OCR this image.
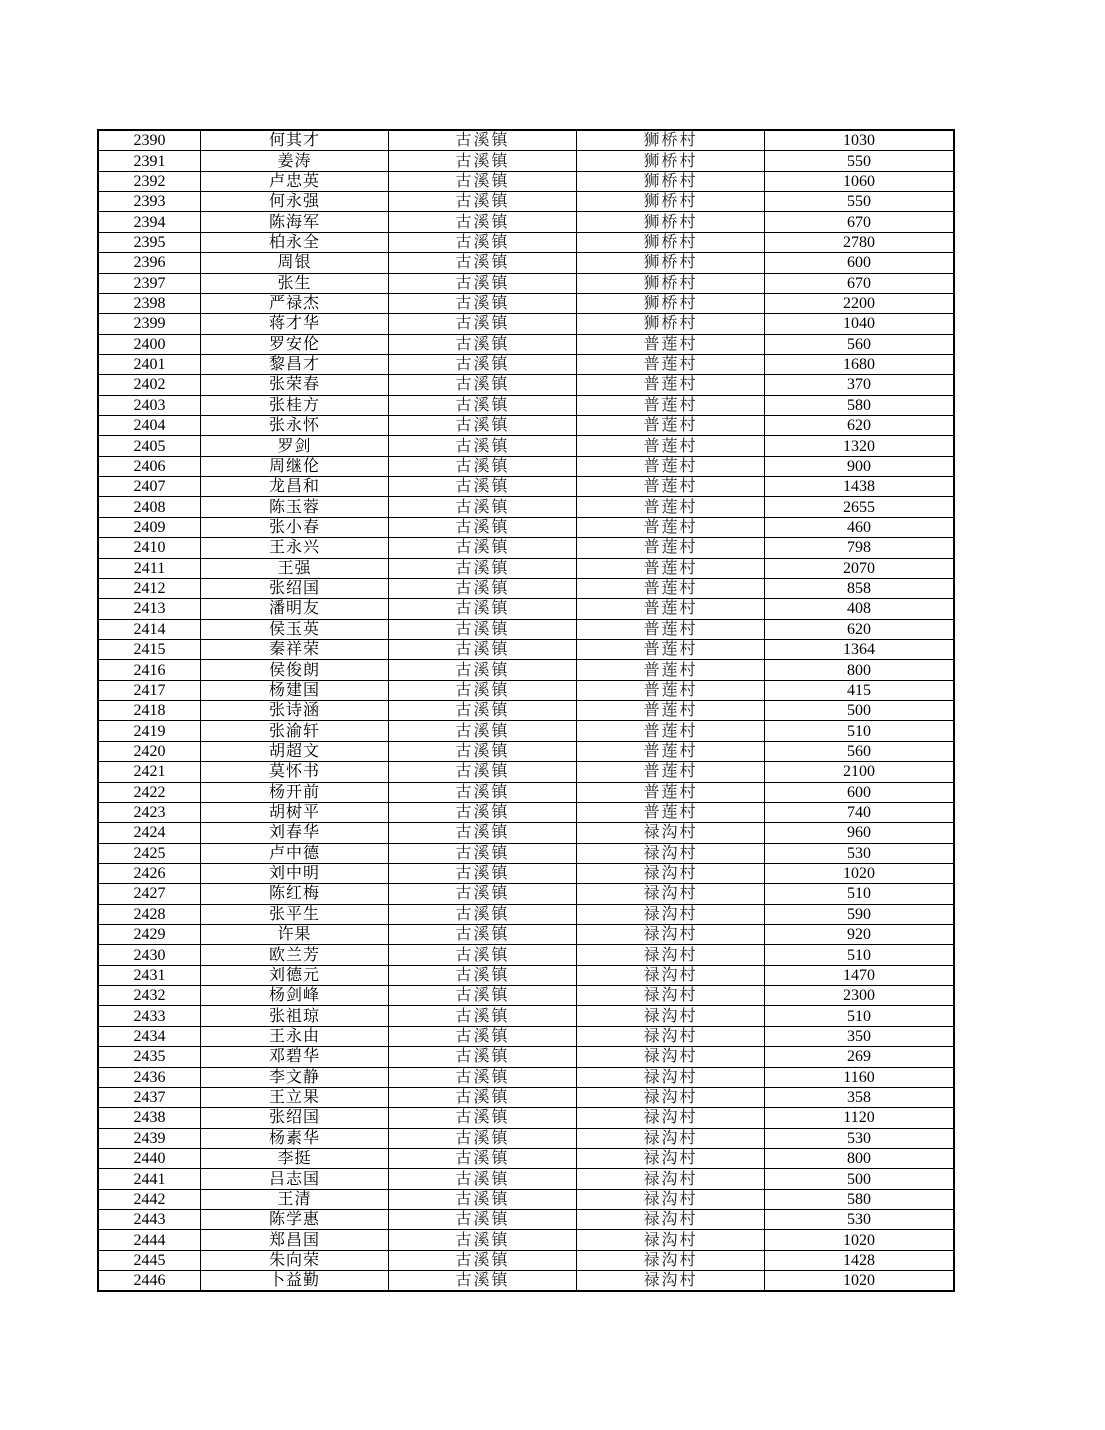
2390	何其才	古溪镇	狮桥村	1030
2391	姜涛	古溪镇	狮桥村	550
2392	卢忠英	古溪镇	狮桥村	1060
2393	何永强	古溪镇	狮桥村	550
2394	陈海军	古溪镇	狮桥村	670
2395	柏永全	古溪镇	狮桥村	2780
2396	周银	古溪镇	狮桥村	600
2397	张生	古溪镇	狮桥村	670
2398	严禄杰	古溪镇	狮桥村	2200
2399	蒋才华	古溪镇	狮桥村	1040
2400	罗安伦	古溪镇	普莲村	560
2401	黎昌才	古溪镇	普莲村	1680
2402	张荣春	古溪镇	普莲村	370
2403	张桂方	古溪镇	普莲村	580
2404	张永怀	古溪镇	普莲村	620
2405	罗剑	古溪镇	普莲村	1320
2406	周继伦	古溪镇	普莲村	900
2407	龙昌和	古溪镇	普莲村	1438
2408	陈玉蓉	古溪镇	普莲村	2655
2409	张小春	古溪镇	普莲村	460
2410	王永兴	古溪镇	普莲村	798
2411	王强	古溪镇	普莲村	2070
2412	张绍国	古溪镇	普莲村	858
2413	潘明友	古溪镇	普莲村	408
2414	侯玉英	古溪镇	普莲村	620
2415	秦祥荣	古溪镇	普莲村	1364
2416	侯俊朗	古溪镇	普莲村	800
2417	杨建国	古溪镇	普莲村	415
2418	张诗涵	古溪镇	普莲村	500
2419	张渝轩	古溪镇	普莲村	510
2420	胡超文	古溪镇	普莲村	560
2421	莫怀书	古溪镇	普莲村	2100
2422	杨开前	古溪镇	普莲村	600
2423	胡树平	古溪镇	普莲村	740
2424	刘春华	古溪镇	禄沟村	960
2425	卢中德	古溪镇	禄沟村	530
2426	刘中明	古溪镇	禄沟村	1020
2427	陈红梅	古溪镇	禄沟村	510
2428	张平生	古溪镇	禄沟村	590
2429	许果	古溪镇	禄沟村	920
2430	欧兰芳	古溪镇	禄沟村	510
2431	刘德元	古溪镇	禄沟村	1470
2432	杨剑峰	古溪镇	禄沟村	2300
2433	张祖琼	古溪镇	禄沟村	510
2434	王永由	古溪镇	禄沟村	350
2435	邓碧华	古溪镇	禄沟村	269
2436	李文静	古溪镇	禄沟村	1160
2437	王立果	古溪镇	禄沟村	358
2438	张绍国	古溪镇	禄沟村	1120
2439	杨素华	古溪镇	禄沟村	530
2440	李挺	古溪镇	禄沟村	800
2441	吕志国	古溪镇	禄沟村	500
2442	王清	古溪镇	禄沟村	580
2443	陈学惠	古溪镇	禄沟村	530
2444	郑昌国	古溪镇	禄沟村	1020
2445	朱向荣	古溪镇	禄沟村	1428
2446	卜益勤	古溪镇	禄沟村	1020
